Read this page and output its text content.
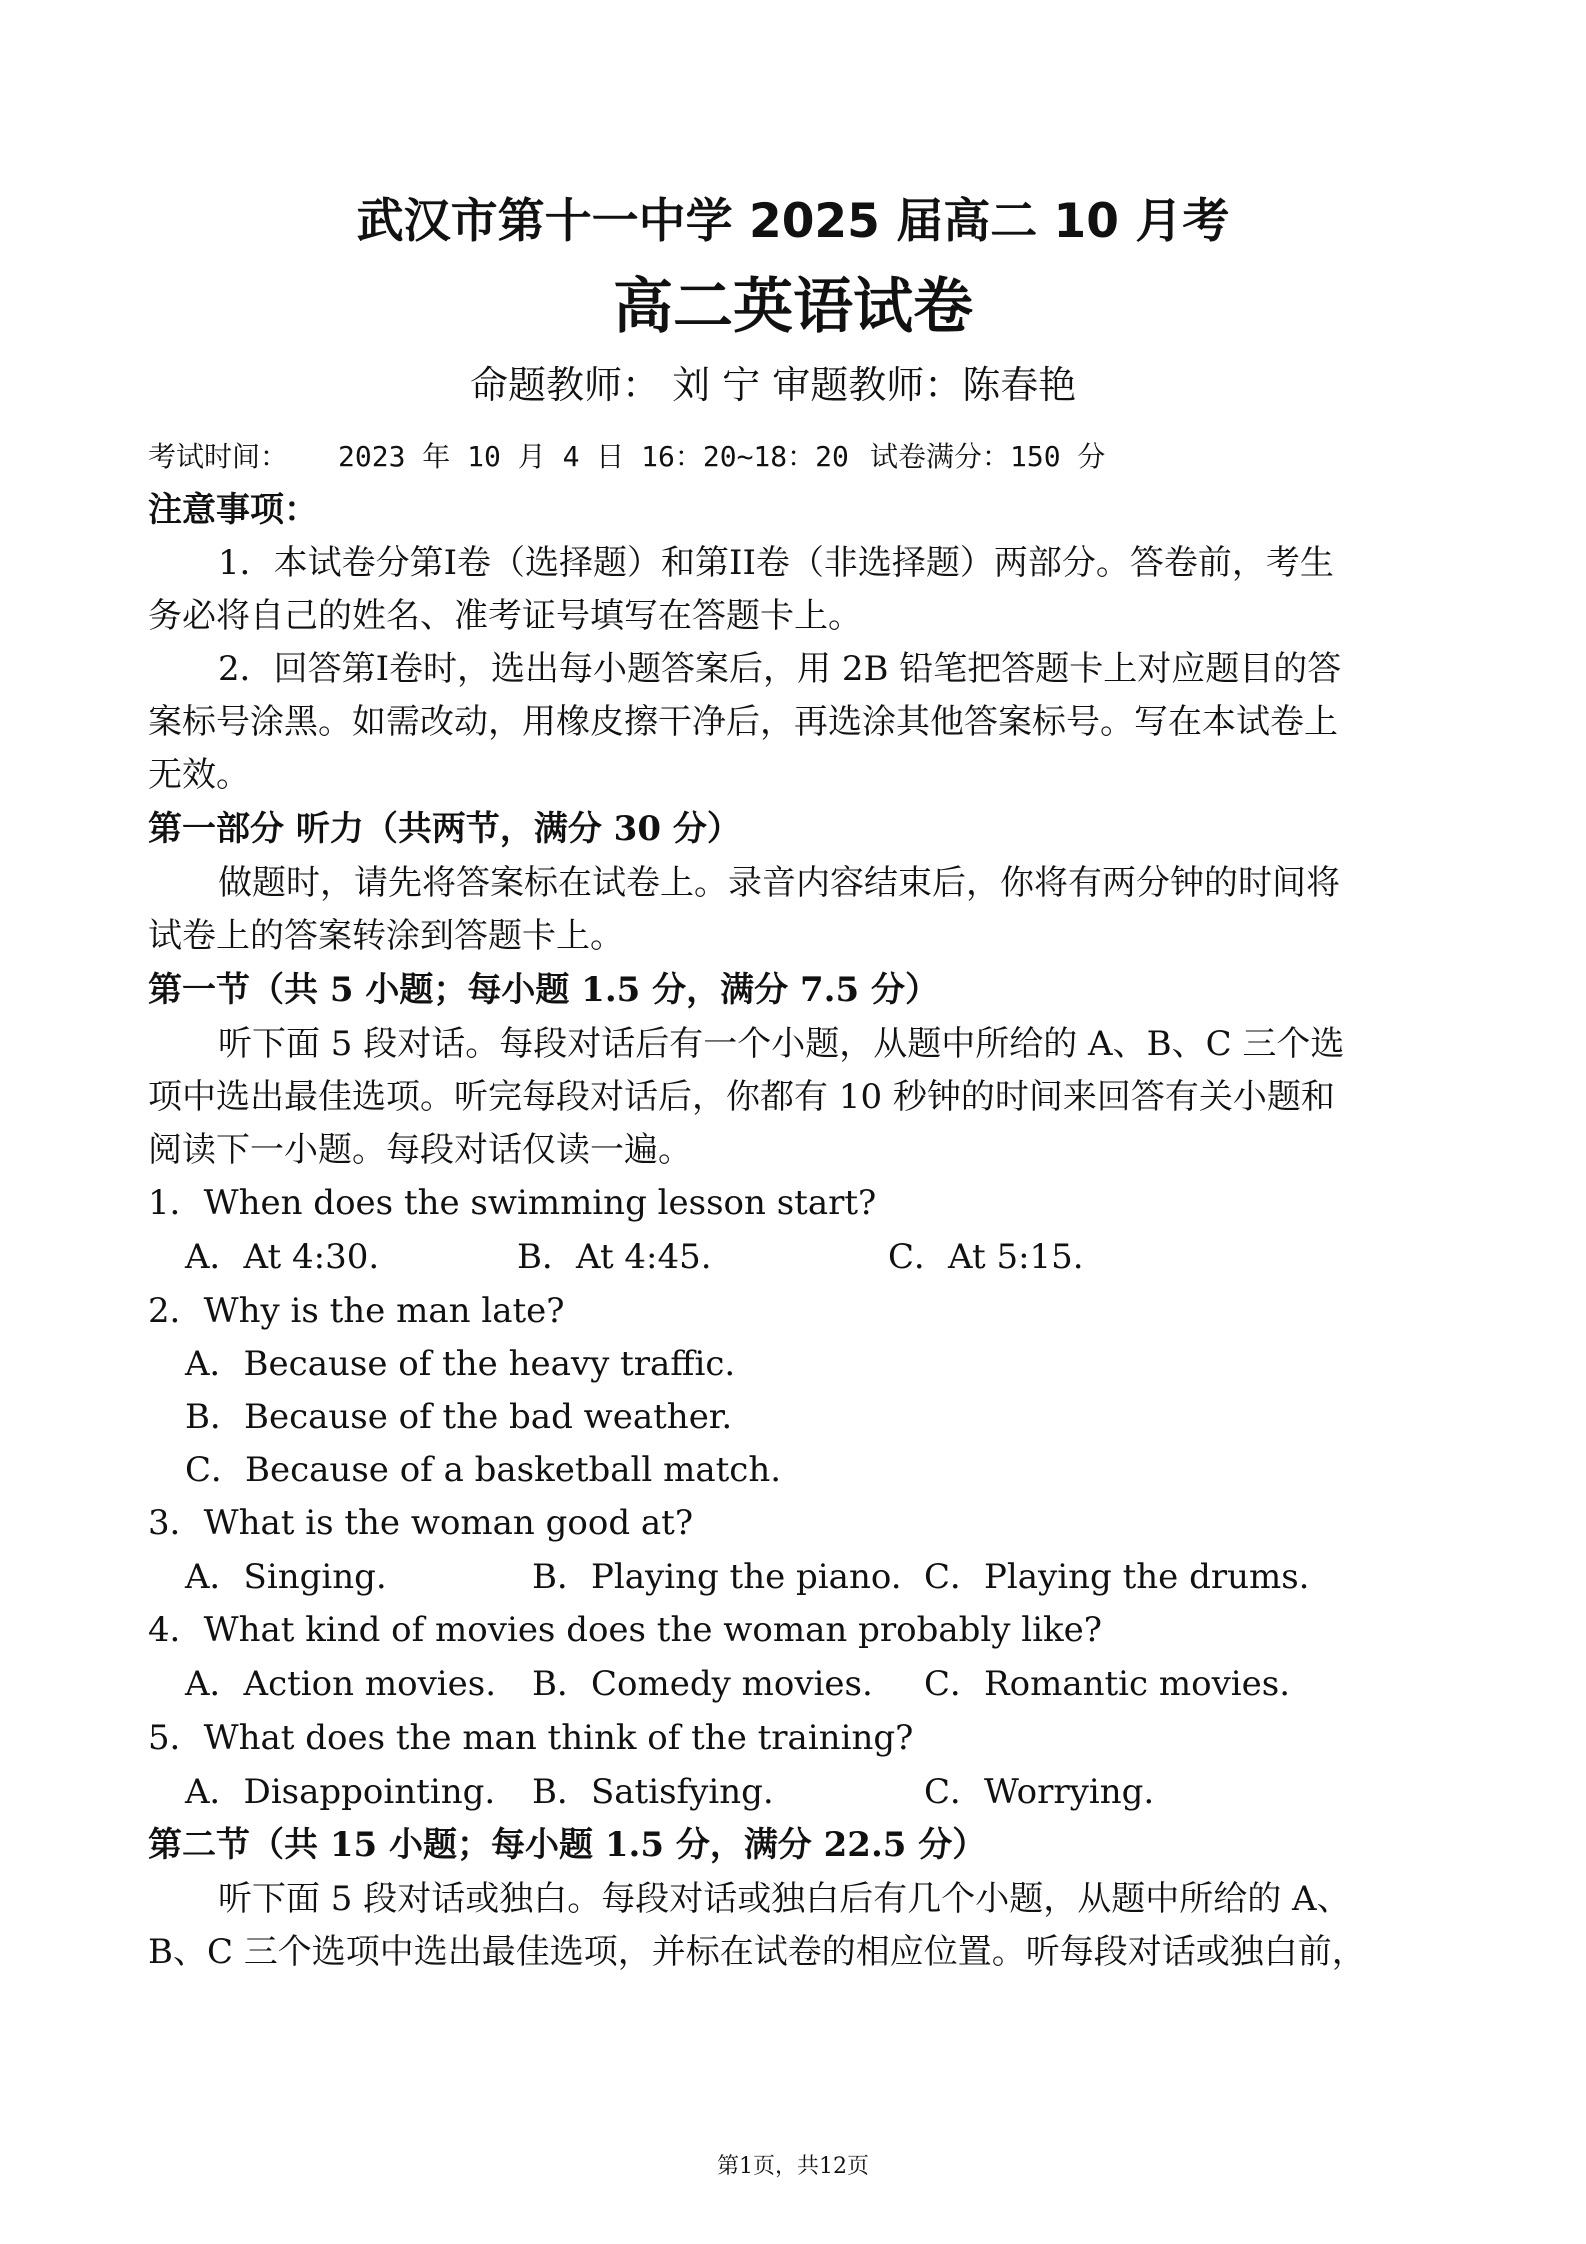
武汉市第十一中学 2025 届高二 10 月考
高二英语试卷
命题教师： 刘 宁 审题教师：陈春艳
考试时间： 2023 年 10 月 4 日 16：20~18：20 试卷满分：150 分
注意事项：
1．本试卷分第I卷（选择题）和第II卷（非选择题）两部分。答卷前，考生
务必将自己的姓名、准考证号填写在答题卡上。
2．回答第I卷时，选出每小题答案后，用 2B 铅笔把答题卡上对应题目的答
案标号涂黑。如需改动，用橡皮擦干净后，再选涂其他答案标号。写在本试卷上
无效。
第一部分 听力（共两节，满分 30 分）
做题时，请先将答案标在试卷上。录音内容结束后，你将有两分钟的时间将
试卷上的答案转涂到答题卡上。
第一节（共 5 小题；每小题 1.5 分，满分 7.5 分）
听下面 5 段对话。每段对话后有一个小题，从题中所给的 A、B、C 三个选
项中选出最佳选项。听完每段对话后，你都有 10 秒钟的时间来回答有关小题和
阅读下一小题。每段对话仅读一遍。
1．When does the swimming lesson start?
A．At 4:30.	B．At 4:45.	C．At 5:15.
2．Why is the man late?
A．Because of the heavy traffic.
B．Because of the bad weather.
C．Because of a basketball match.
3．What is the woman good at?
A．Singing.	B．Playing the piano. C．Playing the drums.
4．What kind of movies does the woman probably like?
A．Action movies. B．Comedy movies. C．Romantic movies.
5．What does the man think of the training?
A．Disappointing. B．Satisfying.	C．Worrying.
第二节（共 15 小题；每小题 1.5 分，满分 22.5 分）
听下面 5 段对话或独白。每段对话或独白后有几个小题，从题中所给的 A、
B、C 三个选项中选出最佳选项，并标在试卷的相应位置。听每段对话或独白前，
第1页，共12页
